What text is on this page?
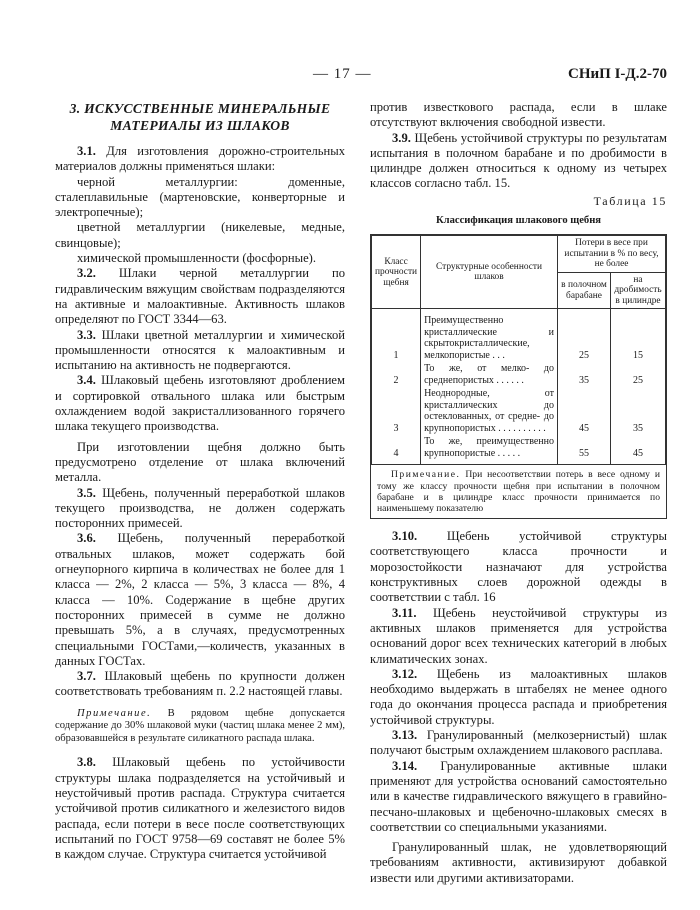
— 17 —	СНиП I-Д.2-70
3. ИСКУССТВЕННЫЕ МИНЕРАЛЬНЫЕ МАТЕРИАЛЫ ИЗ ШЛАКОВ

3.1. Для изготовления дорожно-строительных материалов должны применяться шлаки:

черной металлургии: доменные, сталеплавильные (мартеновские, конверторные и электропечные);

цветной металлургии (никелевые, медные, свинцовые);

химической промышленности (фосфорные).

3.2. Шлаки черной металлургии по гидравлическим вяжущим свойствам подразделяются на активные и малоактивные. Активность шлаков определяют по ГОСТ 3344—63.

3.3. Шлаки цветной металлургии и химической промышленности относятся к малоактивным и испытанию на активность не подвергаются.

3.4. Шлаковый щебень изготовляют дроблением и сортировкой отвального шлака или быстрым охлаждением водой закристаллизованного горячего шлака текущего производства.

При изготовлении щебня должно быть предусмотрено отделение от шлака включений металла.

3.5. Щебень, полученный переработкой шлаков текущего производства, не должен содержать посторонних примесей.

3.6. Щебень, полученный переработкой отвальных шлаков, может содержать бой огнеупорного кирпича в количествах не более для 1 класса — 2%, 2 класса — 5%, 3 класса — 8%, 4 класса — 10%. Содержание в щебне других посторонних примесей в сумме не должно превышать 5%, а в случаях, предусмотренных специальными ГОСТами,—количеств, указанных в данных ГОСТах.

3.7. Шлаковый щебень по крупности должен соответствовать требованиям п. 2.2 настоящей главы.

Примечание. В рядовом щебне допускается содержание до 30% шлаковой муки (частиц шлака менее 2 мм), образовавшейся в результате силикатного распада шлака.

3.8. Шлаковый щебень по устойчивости структуры шлака подразделяется на устойчивый и неустойчивый против распада. Структура считается устойчивой против силикатного и железистого видов распада, если потери в весе после соответствующих испытаний по ГОСТ 9758—69 составят не более 5% в каждом случае. Структура считается устойчивой

против известкового распада, если в шлаке отсутствуют включения свободной извести.

3.9. Щебень устойчивой структуры по результатам испытания в полочном барабане и по дробимости в цилиндре должен относиться к одному из четырех классов согласно табл. 15.

Таблица 15
Классификация шлакового щебня
Класс прочности щебня	Структурные особенности шлаков	Потери в весе при испытании в % по весу, не более	
		в полочном барабане	на дробимость в цилиндре
1	Преимущественно кристаллические и скрытокристаллические, мелкопористые . . .	25	15
2	То же, от мелко- до среднепористых . . . . . .	35	25
3	Неоднородные, от кристаллических до остеклованных, от средне- до крупнопористых . . . . . . . . . .	45	35
4	То же, преимущественно крупнопористые . . . . .	55	45
Примечание. При несоответствии потерь в весе одному и тому же классу прочности щебня при испытании в полочном барабане и в цилиндре класс прочности принимается по наименьшему показателю

3.10. Щебень устойчивой структуры соответствующего класса прочности и морозостойкости назначают для устройства конструктивных слоев дорожной одежды в соответствии с табл. 16

3.11. Щебень неустойчивой структуры из активных шлаков применяется для устройства оснований дорог всех технических категорий в любых климатических зонах.

3.12. Щебень из малоактивных шлаков необходимо выдержать в штабелях не менее одного года до окончания процесса распада и приобретения устойчивой структуры.

3.13. Гранулированный (мелкозернистый) шлак получают быстрым охлаждением шлакового расплава.

3.14. Гранулированные активные шлаки применяют для устройства оснований самостоятельно или в качестве гидравлического вяжущего в гравийно-песчано-шлаковых и щебеночно-шлаковых смесях в соответствии со специальными указаниями.

Гранулированный шлак, не удовлетворяющий требованиям активности, активизируют добавкой извести или другими активизаторами.
